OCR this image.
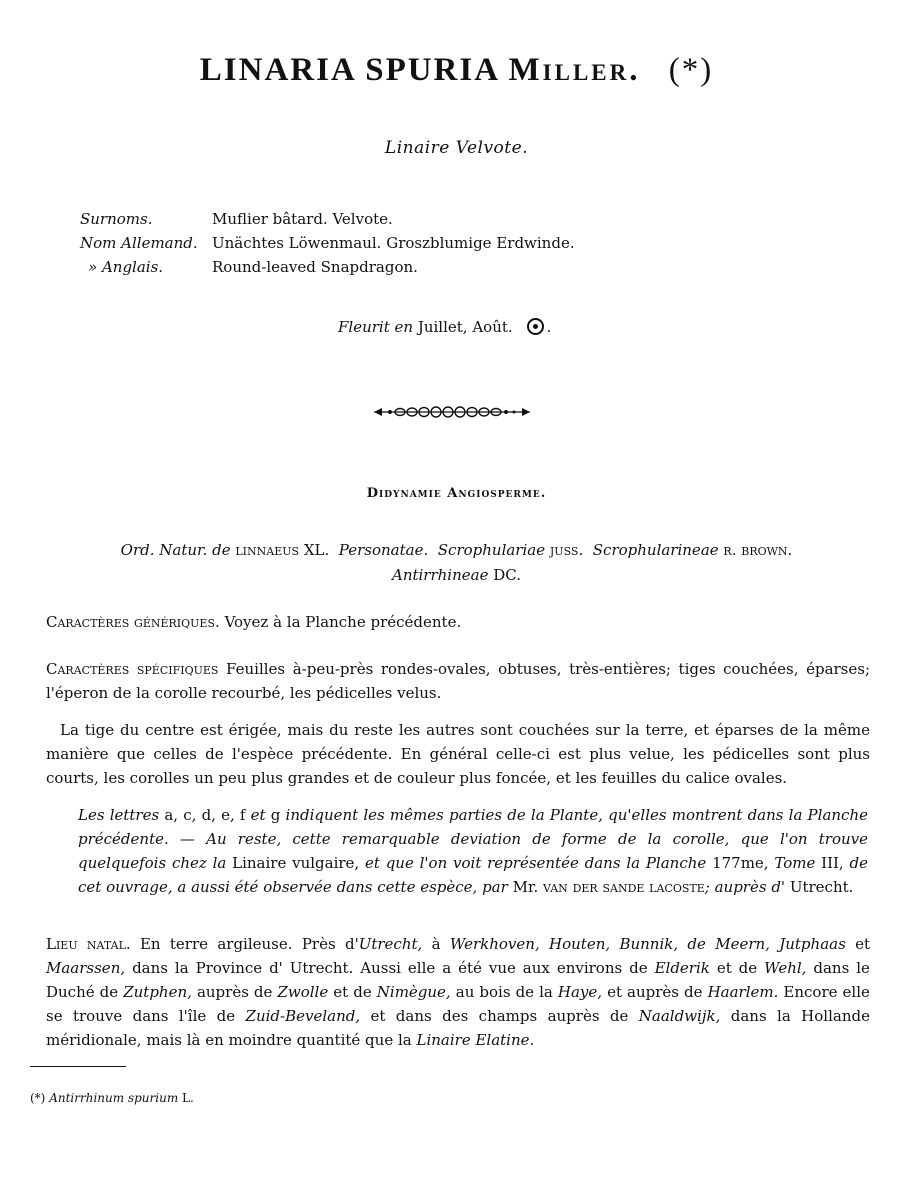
LINARIA SPURIA Miller. (*)
Linaire Velvote.
Surnoms.	Muflier bâtard. Velvote.
Nom Allemand. Unächtes Löwenmaul. Groszblumige Erdwinde.
» Anglais.	Round-leaved Snapdragon.
Fleurit en Juillet, Août. .
Didynamie Angiosperme.
Ord. Natur. de linnaeus XL. Personatae. Scrophulariae juss. Scrophularineae r. brown.
Antirrhineae DC.
Caractères génériques. Voyez à la Planche précédente.
Caractères spécifiques Feuilles à-peu-près rondes-ovales, obtuses, très-entières; tiges couchées, éparses; l'éperon de la corolle recourbé, les pédicelles velus.
La tige du centre est érigée, mais du reste les autres sont couchées sur la terre, et éparses de la même manière que celles de l'espèce précédente. En général celle-ci est plus velue, les pédicelles sont plus courts, les corolles un peu plus grandes et de couleur plus foncée, et les feuilles du calice ovales.
Les lettres a, c, d, e, f et g indiquent les mêmes parties de la Plante, qu'elles montrent dans la Planche précédente. — Au reste, cette remarquable deviation de forme de la corolle, que l'on trouve quelquefois chez la Linaire vulgaire, et que l'on voit représentée dans la Planche 177me, Tome III, de cet ouvrage, a aussi été observée dans cette espèce, par Mr. van der sande lacoste; auprès d' Utrecht.
Lieu natal. En terre argileuse. Près d'Utrecht, à Werkhoven, Houten, Bunnik, de Meern, Jutphaas et Maarssen, dans la Province d' Utrecht. Aussi elle a été vue aux environs de Elderik et de Wehl, dans le Duché de Zutphen, auprès de Zwolle et de Nimègue, au bois de la Haye, et auprès de Haarlem. Encore elle se trouve dans l'île de Zuid-Beveland, et dans des champs auprès de Naaldwijk, dans la Hollande méridionale, mais là en moindre quantité que la Linaire Elatine.
(*) Antirrhinum spurium L.
